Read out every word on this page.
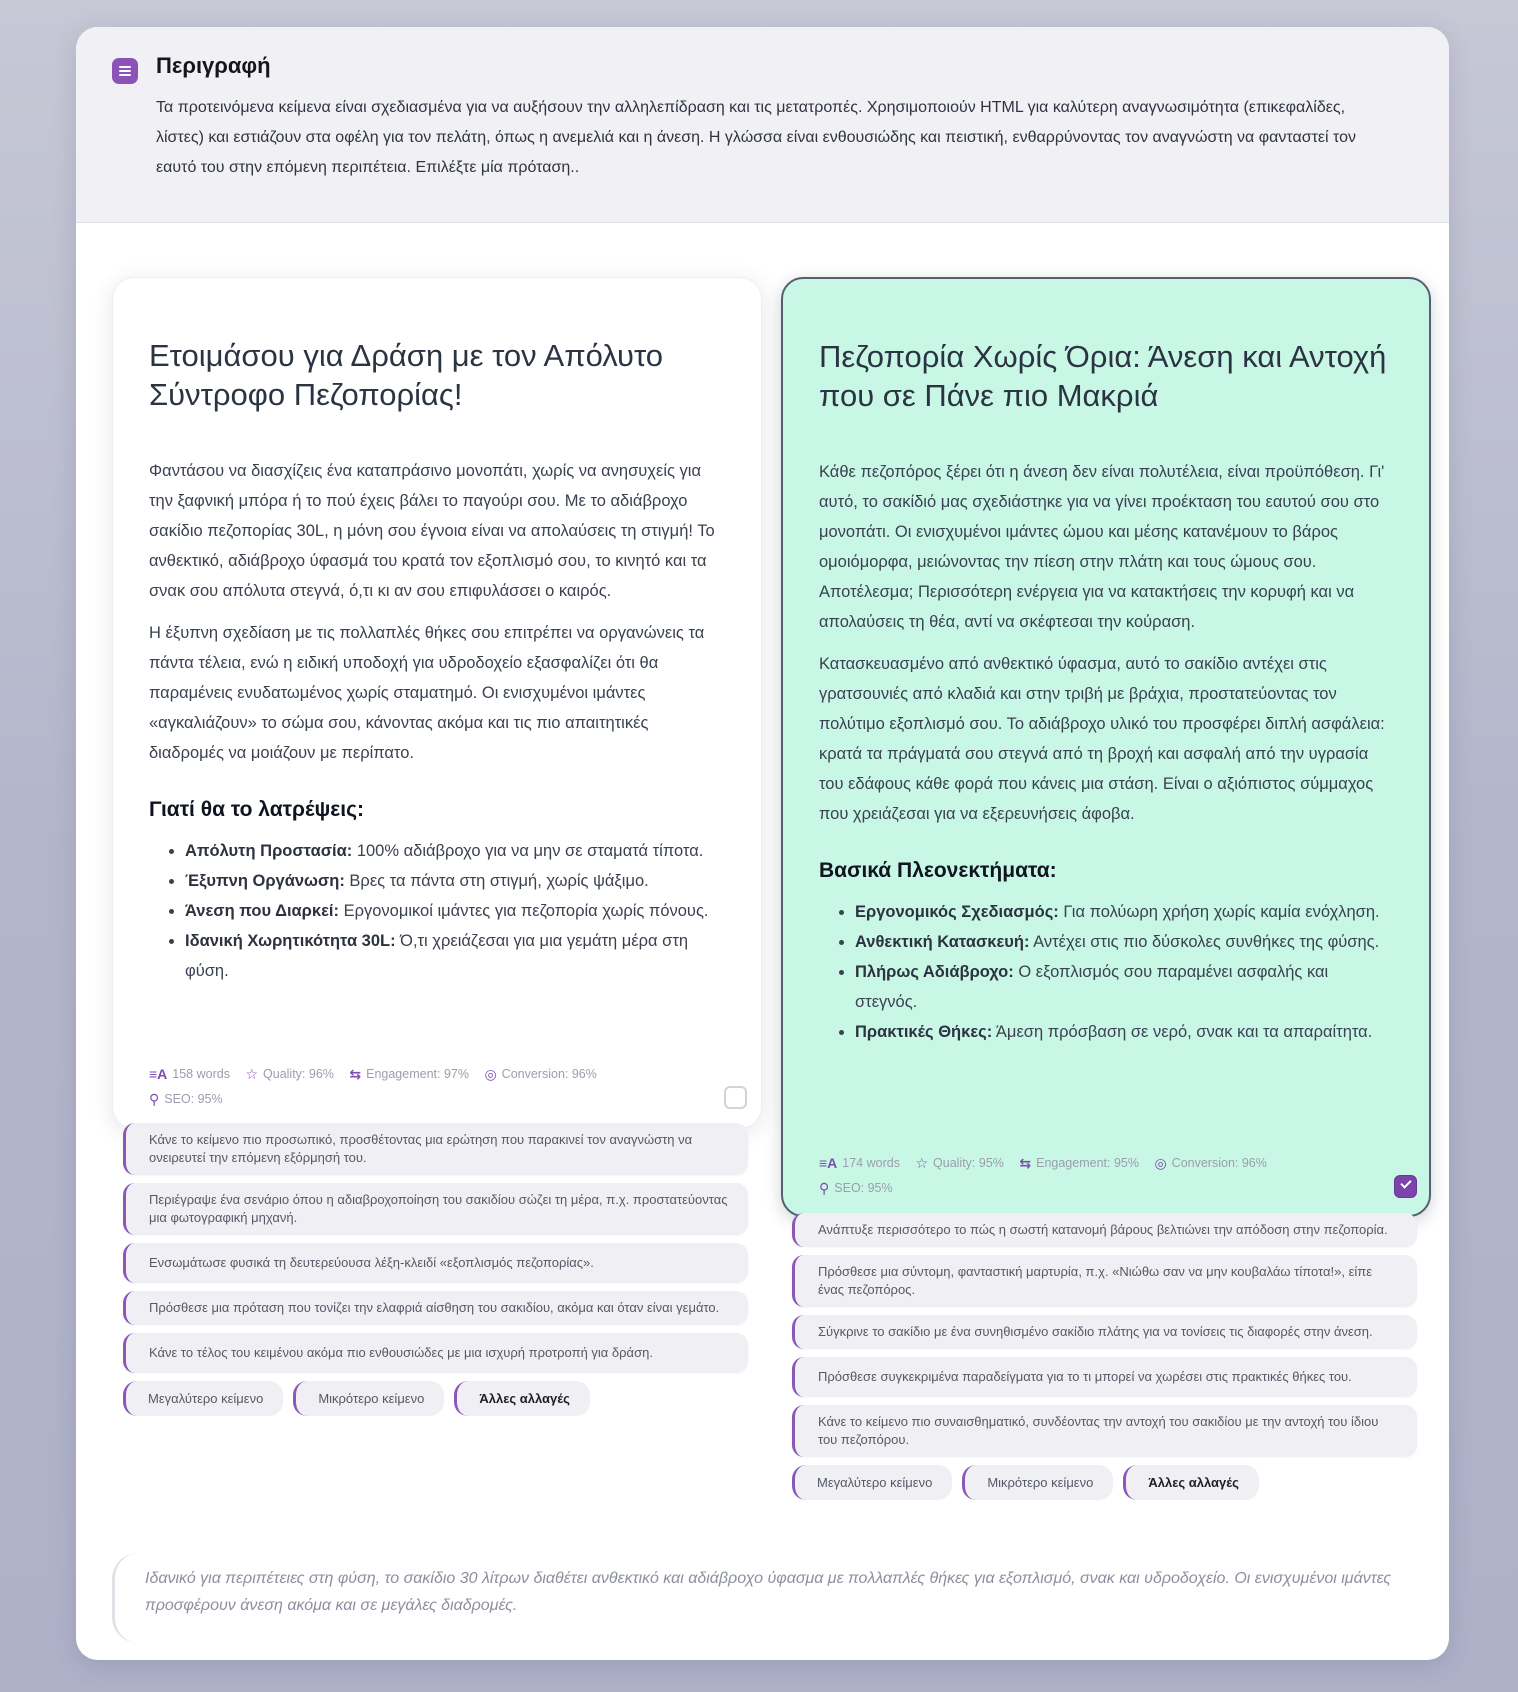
Περιγραφή
Τα προτεινόμενα κείμενα είναι σχεδιασμένα για να αυξήσουν την αλληλεπίδραση και τις μετατροπές. Χρησιμοποιούν HTML για καλύτερη αναγνωσιμότητα (επικεφαλίδες, λίστες) και εστιάζουν στα οφέλη για τον πελάτη, όπως η ανεμελιά και η άνεση. Η γλώσσα είναι ενθουσιώδης και πειστική, ενθαρρύνοντας τον αναγνώστη να φανταστεί τον εαυτό του στην επόμενη περιπέτεια. Επιλέξτε μία πρόταση..
Ετοιμάσου για Δράση με τον Απόλυτο Σύντροφο Πεζοπορίας!

Φαντάσου να διασχίζεις ένα καταπράσινο μονοπάτι, χωρίς να ανησυχείς για την ξαφνική μπόρα ή το πού έχεις βάλει το παγούρι σου. Με το αδιάβροχο σακίδιο πεζοπορίας 30L, η μόνη σου έγνοια είναι να απολαύσεις τη στιγμή! Το ανθεκτικό, αδιάβροχο ύφασμά του κρατά τον εξοπλισμό σου, το κινητό και τα σνακ σου απόλυτα στεγνά, ό,τι κι αν σου επιφυλάσσει ο καιρός.

Η έξυπνη σχεδίαση με τις πολλαπλές θήκες σου επιτρέπει να οργανώνεις τα πάντα τέλεια, ενώ η ειδική υποδοχή για υδροδοχείο εξασφαλίζει ότι θα παραμένεις ενυδατωμένος χωρίς σταματημό. Οι ενισχυμένοι ιμάντες «αγκαλιάζουν» το σώμα σου, κάνοντας ακόμα και τις πιο απαιτητικές διαδρομές να μοιάζουν με περίπατο.

Γιατί θα το λατρέψεις:
• Απόλυτη Προστασία: 100% αδιάβροχο για να μην σε σταματά τίποτα.
• Έξυπνη Οργάνωση: Βρες τα πάντα στη στιγμή, χωρίς ψάξιμο.
• Άνεση που Διαρκεί: Εργονομικοί ιμάντες για πεζοπορία χωρίς πόνους.
• Ιδανική Χωρητικότητα 30L: Ό,τι χρειάζεσαι για μια γεμάτη μέρα στη φύση.
≡A 158 words
☆ Quality: 96%
⇆ Engagement: 97%
◎ Conversion: 96%

⚲ SEO: 95%
Πεζοπορία Χωρίς Όρια: Άνεση και Αντοχή που σε Πάνε πιο Μακριά

Κάθε πεζοπόρος ξέρει ότι η άνεση δεν είναι πολυτέλεια, είναι προϋπόθεση. Γι' αυτό, το σακίδιό μας σχεδιάστηκε για να γίνει προέκταση του εαυτού σου στο μονοπάτι. Οι ενισχυμένοι ιμάντες ώμου και μέσης κατανέμουν το βάρος ομοιόμορφα, μειώνοντας την πίεση στην πλάτη και τους ώμους σου. Αποτέλεσμα; Περισσότερη ενέργεια για να κατακτήσεις την κορυφή και να απολαύσεις τη θέα, αντί να σκέφτεσαι την κούραση.

Κατασκευασμένο από ανθεκτικό ύφασμα, αυτό το σακίδιο αντέχει στις γρατσουνιές από κλαδιά και στην τριβή με βράχια, προστατεύοντας τον πολύτιμο εξοπλισμό σου. Το αδιάβροχο υλικό του προσφέρει διπλή ασφάλεια: κρατά τα πράγματά σου στεγνά από τη βροχή και ασφαλή από την υγρασία του εδάφους κάθε φορά που κάνεις μια στάση. Είναι ο αξιόπιστος σύμμαχος που χρειάζεσαι για να εξερευνήσεις άφοβα.

Βασικά Πλεονεκτήματα:
• Εργονομικός Σχεδιασμός: Για πολύωρη χρήση χωρίς καμία ενόχληση.
• Ανθεκτική Κατασκευή: Αντέχει στις πιο δύσκολες συνθήκες της φύσης.
• Πλήρως Αδιάβροχο: Ο εξοπλισμός σου παραμένει ασφαλής και στεγνός.
• Πρακτικές Θήκες: Άμεση πρόσβαση σε νερό, σνακ και τα απαραίτητα.
≡A 174 words
☆ Quality: 95%
⇆ Engagement: 95%
◎ Conversion: 96%

⚲ SEO: 95%
Κάνε το κείμενο πιο προσωπικό, προσθέτοντας μια ερώτηση που παρακινεί τον αναγνώστη να ονειρευτεί την επόμενη εξόρμησή του.
Περιέγραψε ένα σενάριο όπου η αδιαβροχοποίηση του σακιδίου σώζει τη μέρα, π.χ. προστατεύοντας μια φωτογραφική μηχανή.
Ενσωμάτωσε φυσικά τη δευτερεύουσα λέξη-κλειδί «εξοπλισμός πεζοπορίας».
Πρόσθεσε μια πρόταση που τονίζει την ελαφριά αίσθηση του σακιδίου, ακόμα και όταν είναι γεμάτο.
Κάνε το τέλος του κειμένου ακόμα πιο ενθουσιώδες με μια ισχυρή προτροπή για δράση.
Μεγαλύτερο κείμενο	Μικρότερο κείμενο	Άλλες αλλαγές
Ανάπτυξε περισσότερο το πώς η σωστή κατανομή βάρους βελτιώνει την απόδοση στην πεζοπορία.
Πρόσθεσε μια σύντομη, φανταστική μαρτυρία, π.χ. «Νιώθω σαν να μην κουβαλάω τίποτα!», είπε ένας πεζοπόρος.
Σύγκρινε το σακίδιο με ένα συνηθισμένο σακίδιο πλάτης για να τονίσεις τις διαφορές στην άνεση.
Πρόσθεσε συγκεκριμένα παραδείγματα για το τι μπορεί να χωρέσει στις πρακτικές θήκες του.
Κάνε το κείμενο πιο συναισθηματικό, συνδέοντας την αντοχή του σακιδίου με την αντοχή του ίδιου του πεζοπόρου.
Μεγαλύτερο κείμενο	Μικρότερο κείμενο	Άλλες αλλαγές
Ιδανικό για περιπέτειες στη φύση, το σακίδιο 30 λίτρων διαθέτει ανθεκτικό και αδιάβροχο ύφασμα με πολλαπλές θήκες για εξοπλισμό, σνακ και υδροδοχείο. Οι ενισχυμένοι ιμάντες προσφέρουν άνεση ακόμα και σε μεγάλες διαδρομές.
